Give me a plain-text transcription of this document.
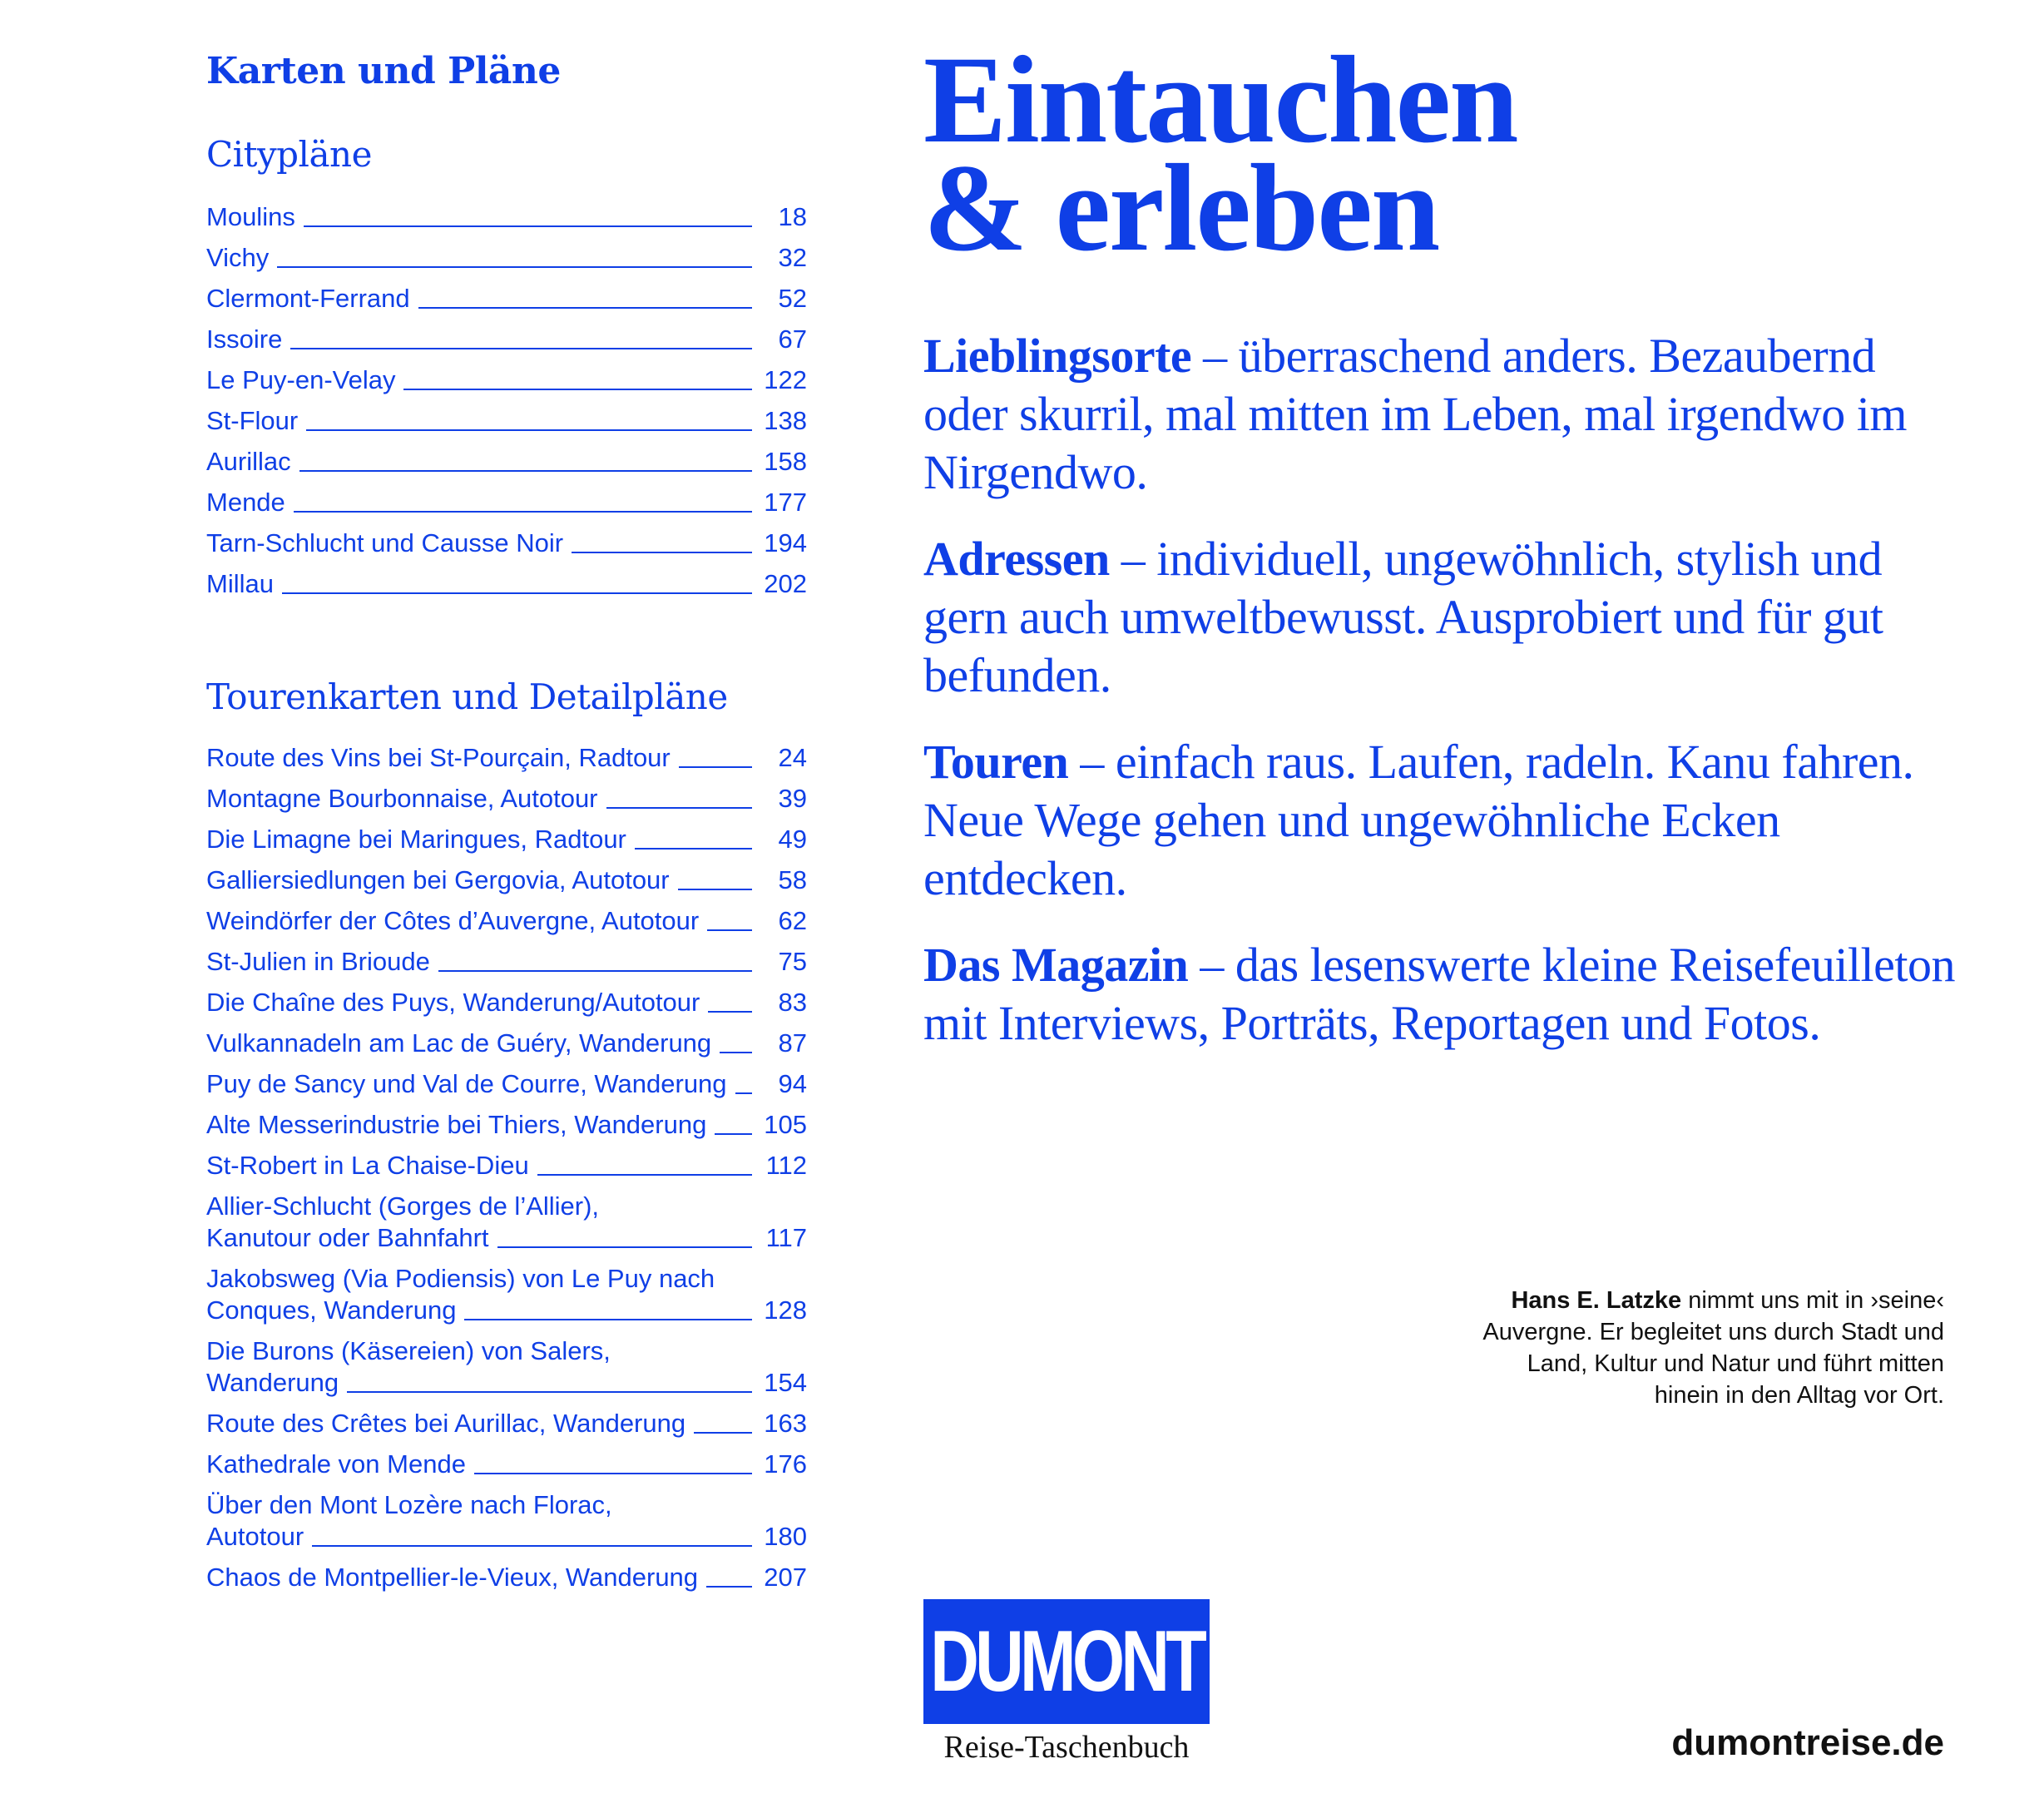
Karten und Pläne
Citypläne
Moulins	18
Vichy	32
Clermont-Ferrand	52
Issoire	67
Le Puy-en-Velay	122
St-Flour	138
Aurillac	158
Mende	177
Tarn-Schlucht und Causse Noir	194
Millau	202
Tourenkarten und Detailpläne
Route des Vins bei St-Pourçain, Radtour	24
Montagne Bourbonnaise, Autotour	39
Die Limagne bei Maringues, Radtour	49
Galliersiedlungen bei Gergovia, Autotour	58
Weindörfer der Côtes d’Auvergne, Autotour	62
St-Julien in Brioude	75
Die Chaîne des Puys, Wanderung/Autotour	83
Vulkannadeln am Lac de Guéry, Wanderung	87
Puy de Sancy und Val de Courre, Wanderung	94
Alte Messerindustrie bei Thiers, Wanderung 105
St-Robert in La Chaise-Dieu	112
Allier-Schlucht (Gorges de l’Allier),
Kanutour oder Bahnfahrt	117
Jakobsweg (Via Podiensis) von Le Puy nach
Conques, Wanderung	128
Die Burons (Käsereien) von Salers,
Wanderung	154
Route des Crêtes bei Aurillac, Wanderung	163
Kathedrale von Mende	176
Über den Mont Lozère nach Florac,
Autotour	180
Chaos de Montpellier-le-Vieux, Wanderung	207
Eintauchen
& erleben

Lieblingsorte – überraschend anders. Bezaubernd oder skurril, mal mitten im Leben, mal irgendwo im Nirgendwo.

Adressen – individuell, ungewöhnlich, stylish und gern auch umweltbewusst. Ausprobiert und für gut befunden.

Touren – einfach raus. Laufen, radeln. Kanu fahren. Neue Wege gehen und ungewöhnliche Ecken entdecken.

Das Magazin – das lesenswerte kleine Reisefeuilleton mit Interviews, Porträts, Reportagen und Fotos.

Hans E. Latzke nimmt uns mit in ›seine‹ Auvergne. Er begleitet uns durch Stadt und Land, Kultur und Natur und führt mitten hinein in den Alltag vor Ort.

DUMONT
Reise-Taschenbuch	dumontreise.de
